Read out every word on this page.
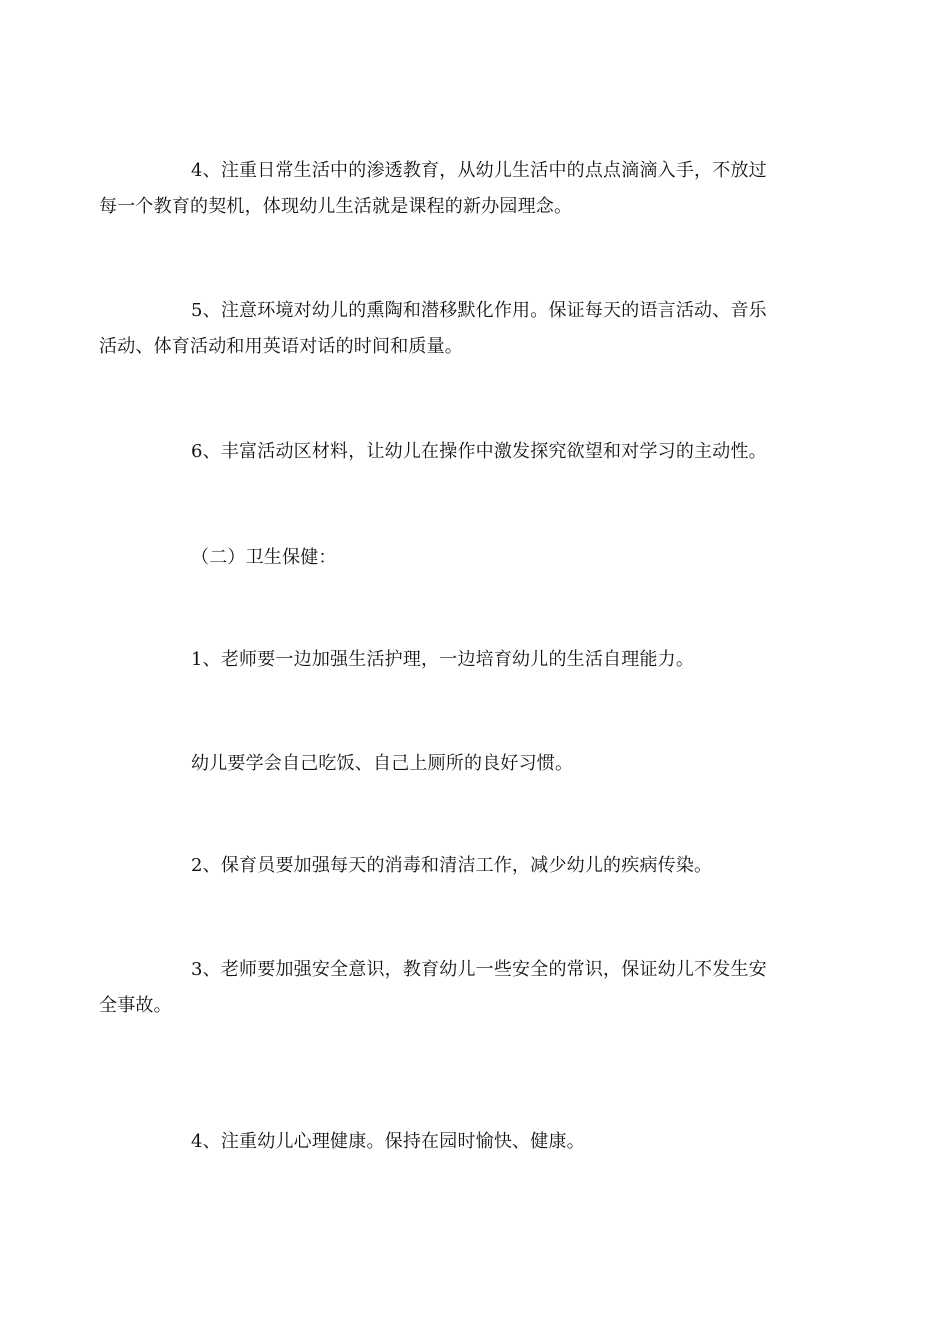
4、注重日常生活中的渗透教育，从幼儿生活中的点点滴滴入手，不放过
每一个教育的契机，体现幼儿生活就是课程的新办园理念。

5、注意环境对幼儿的熏陶和潜移默化作用。保证每天的语言活动、音乐
活动、体育活动和用英语对话的时间和质量。

6、丰富活动区材料，让幼儿在操作中激发探究欲望和对学习的主动性。

（二）卫生保健：

1、老师要一边加强生活护理，一边培育幼儿的生活自理能力。

幼儿要学会自己吃饭、自己上厕所的良好习惯。

2、保育员要加强每天的消毒和清洁工作，减少幼儿的疾病传染。

3、老师要加强安全意识，教育幼儿一些安全的常识，保证幼儿不发生安
全事故。

4、注重幼儿心理健康。保持在园时愉快、健康。
